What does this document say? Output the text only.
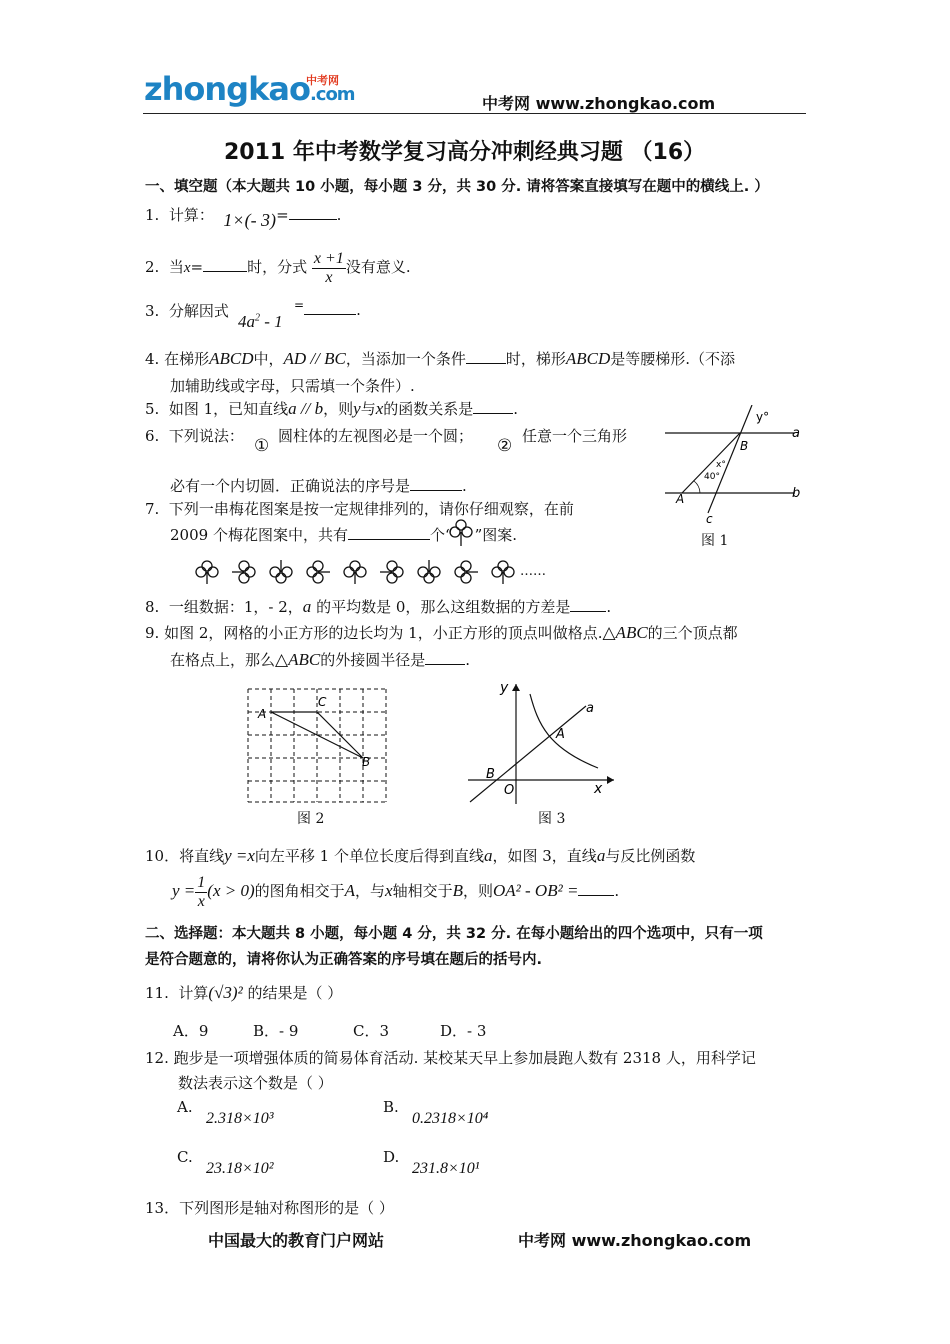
zhongkao.com
中考网
中考网 www.zhongkao.com
2011 年中考数学复习高分冲刺经典习题 （16）
一、填空题（本大题共 10 小题，每小题 3 分，共 30 分. 请将答案直接填写在题中的横线上. ）
1. 计算： 1×(- 3)=	.
2. 当x=	时，分式 $\frac{x +1}{x}$ 没有意义.
3. 分解因式
$4a^2 - 1$
=	.
4. 在梯形ABCD中，AD // BC，当添加一个条件	时，梯形ABCD是等腰梯形.（不添
加辅助线或字母，只需填一个条件）.
5. 如图 1，已知直线a // b，则y与x的函数关系是	.
6. 下列说法： ① 圆柱体的左视图必是一个圆； ② 任意一个三角形
必有一个内切圆．正确说法的序号是	.
y°
a
b
B
A
c
x°
40°
图 1
7. 下列一串梅花图案是按一定规律排列的，请你仔细观察，在前
2009 个梅花图案中，共有	个“ ”图案.
……
8. 一组数据：1，- 2，a 的平均数是 0，那么这组数据的方差是 .
9. 如图 2，网格的小正方形的边长均为 1，小正方形的顶点叫做格点.△ABC的三个顶点都
在格点上，那么△ABC的外接圆半径是	.
A
C
B
图 2
y
x
a
A
B
O
图 3
10．将直线y =x向左平移 1 个单位长度后得到直线a，如图 3，直线a与反比例函数
$y = \frac{1}{x} (x > 0)$的图角相交于A，与x轴相交于B，则OA² - OB² = .
二、选择题：本大题共 8 小题，每小题 4 分，共 32 分. 在每小题给出的四个选项中，只有一项
是符合题意的，请将你认为正确答案的序号填在题后的括号内.
11. 计算(√3)² 的结果是（ ）
A．9	B．- 9	C．3	D．- 3
12. 跑步是一项增强体质的简易体育活动. 某校某天早上参加晨跑人数有 2318 人，用科学记
数法表示这个数是（ ）
A.
2.318×10³
B.
0.2318×10⁴
C.
23.18×10²
D.
231.8×10¹
13．下列图形是轴对称图形的是（ ）
中国最大的教育门户网站	中考网 www.zhongkao.com
